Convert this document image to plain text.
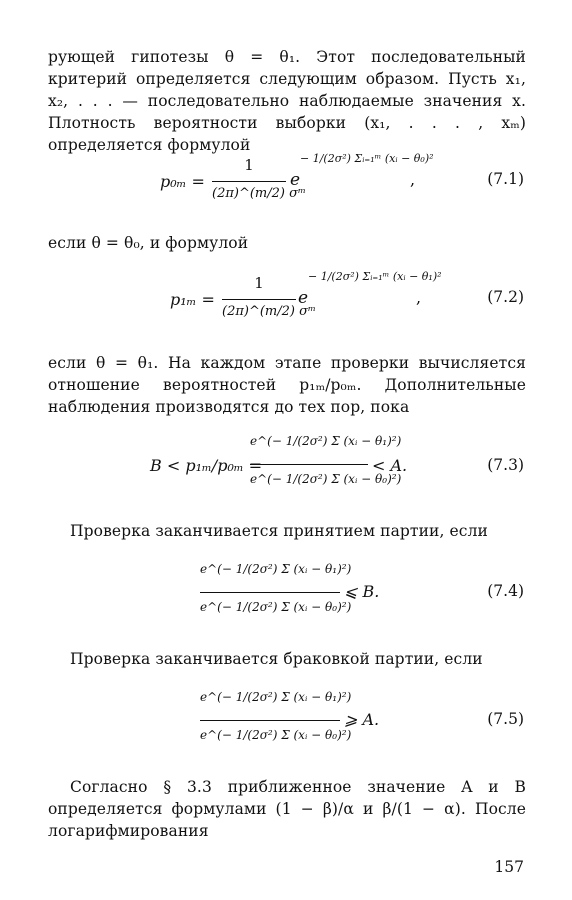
рующей гипотезы θ = θ₁. Этот последовательный критерий определяется следующим образом. Пусть x₁, x₂, . . . — последовательно наблюдаемые значения x. Плотность вероятности выборки (x₁, . . . , xₘ) определяется формулой

p₀ₘ =
1
(2π)^(m/2) σᵐ
e
− 1/(2σ²) Σᵢ₌₁ᵐ (xᵢ − θ₀)²
,	(7.1)

если θ = θ₀, и формулой

p₁ₘ =
1
(2π)^(m/2) σᵐ
e
− 1/(2σ²) Σᵢ₌₁ᵐ (xᵢ − θ₁)²
,	(7.2)

если θ = θ₁. На каждом этапе проверки вычисляется отношение вероятностей p₁ₘ/p₀ₘ. Дополнительные наблюдения производятся до тех пор, пока

B < p₁ₘ/p₀ₘ =
e^(− 1/(2σ²) Σ (xᵢ − θ₁)²)
e^(− 1/(2σ²) Σ (xᵢ − θ₀)²)
< A.	(7.3)

Проверка заканчивается принятием партии, если

e^(− 1/(2σ²) Σ (xᵢ − θ₁)²)
e^(− 1/(2σ²) Σ (xᵢ − θ₀)²)
⩽ B.	(7.4)

Проверка заканчивается браковкой партии, если

e^(− 1/(2σ²) Σ (xᵢ − θ₁)²)
e^(− 1/(2σ²) Σ (xᵢ − θ₀)²)
⩾ A.	(7.5)

Согласно § 3.3 приближенное значение A и B определяется формулами (1 − β)/α и β/(1 − α). После логарифмирования

157
